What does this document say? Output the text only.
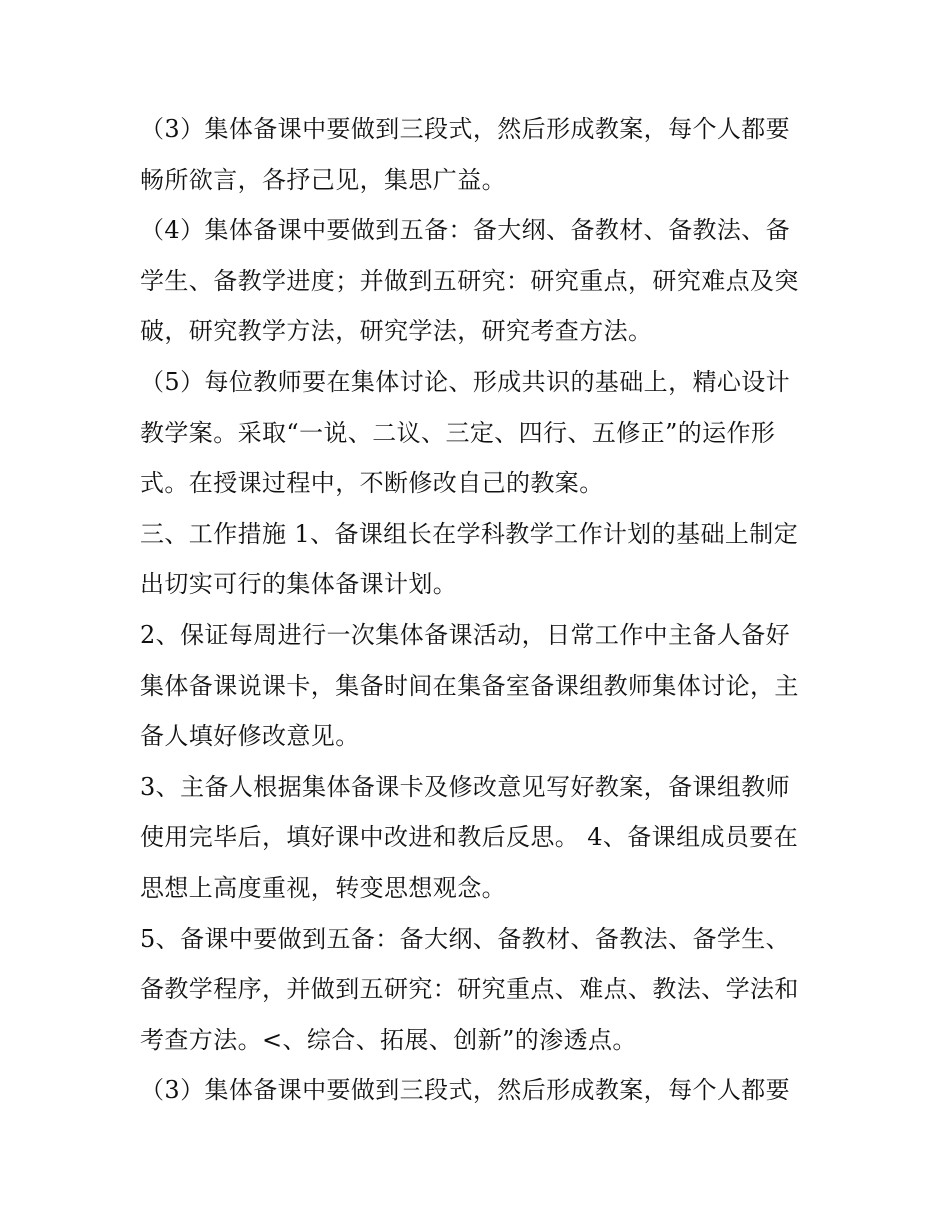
（3）集体备课中要做到三段式，然后形成教案，每个人都要
畅所欲言，各抒己见，集思广益。
（4）集体备课中要做到五备：备大纲、备教材、备教法、备
学生、备教学进度；并做到五研究：研究重点，研究难点及突
破，研究教学方法，研究学法，研究考查方法。
（5）每位教师要在集体讨论、形成共识的基础上，精心设计
教学案。采取“一说、二议、三定、四行、五修正”的运作形
式。在授课过程中，不断修改自己的教案。
三、工作措施 1、备课组长在学科教学工作计划的基础上制定
出切实可行的集体备课计划。
2、保证每周进行一次集体备课活动，日常工作中主备人备好
集体备课说课卡，集备时间在集备室备课组教师集体讨论，主
备人填好修改意见。
3、主备人根据集体备课卡及修改意见写好教案，备课组教师
使用完毕后，填好课中改进和教后反思。 4、备课组成员要在
思想上高度重视，转变思想观念。
5、备课中要做到五备：备大纲、备教材、备教法、备学生、
备教学程序，并做到五研究：研究重点、难点、教法、学法和
考查方法。<、综合、拓展、创新”的渗透点。
（3）集体备课中要做到三段式，然后形成教案，每个人都要
